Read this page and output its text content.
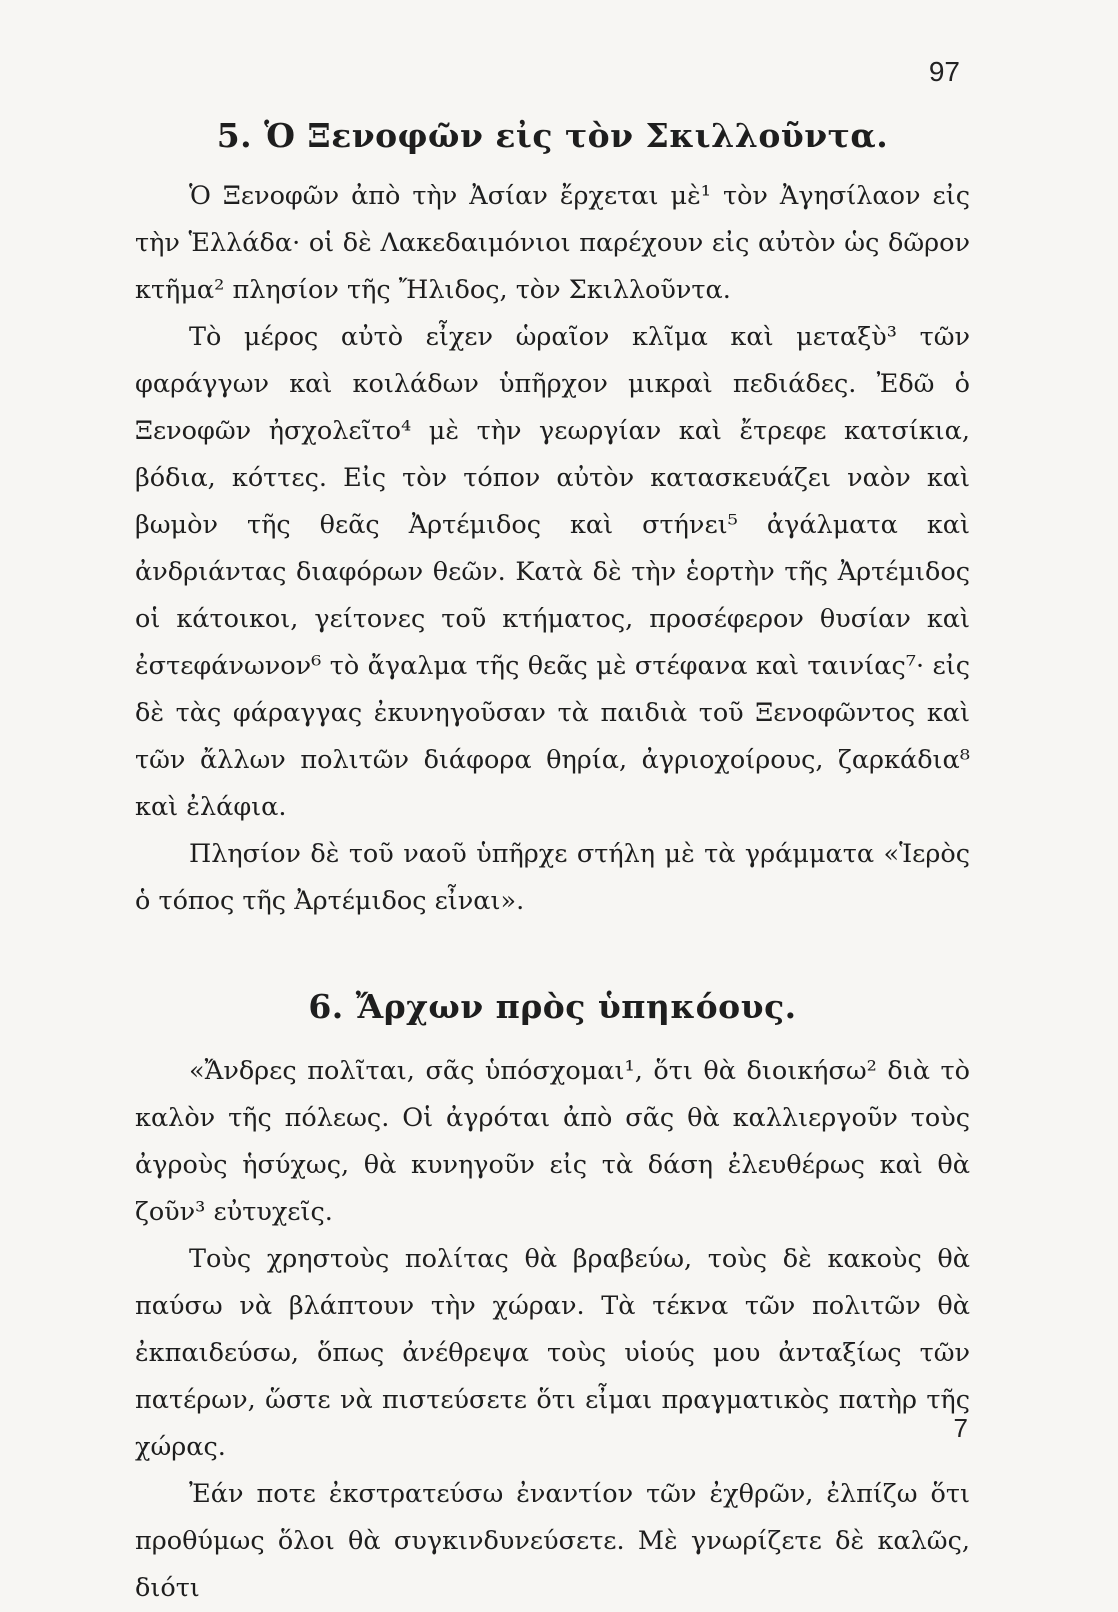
97
5. Ὁ Ξενοφῶν εἰς τὸν Σκιλλοῦντα.

Ὁ Ξενοφῶν ἀπὸ τὴν Ἀσίαν ἔρχεται μὲ¹ τὸν Ἀγησίλαον εἰς τὴν Ἑλλάδα· οἱ δὲ Λακεδαιμόνιοι παρέχουν εἰς αὐτὸν ὡς δῶρον κτῆμα² πλησίον τῆς Ἤλιδος, τὸν Σκιλλοῦντα.

Τὸ μέρος αὐτὸ εἶχεν ὡραῖον κλῖμα καὶ μεταξὺ³ τῶν φαράγγων καὶ κοιλάδων ὑπῆρχον μικραὶ πεδιάδες. Ἐδῶ ὁ Ξενοφῶν ἠσχολεῖτο⁴ μὲ τὴν γεωργίαν καὶ ἔτρεφε κατσίκια, βόδια, κόττες. Εἰς τὸν τόπον αὐτὸν κατασκευάζει ναὸν καὶ βωμὸν τῆς θεᾶς Ἀρτέμιδος καὶ στήνει⁵ ἀγάλματα καὶ ἀνδριάντας διαφόρων θεῶν. Κατὰ δὲ τὴν ἑορτὴν τῆς Ἀρτέμιδος οἱ κάτοικοι, γείτονες τοῦ κτήματος, προσέφερον θυσίαν καὶ ἐστεφάνωνον⁶ τὸ ἄγαλμα τῆς θεᾶς μὲ στέφανα καὶ ταινίας⁷· εἰς δὲ τὰς φάραγγας ἐκυνηγοῦσαν τὰ παιδιὰ τοῦ Ξενοφῶντος καὶ τῶν ἄλλων πολιτῶν διάφορα θηρία, ἀγριοχοίρους, ζαρκάδια⁸ καὶ ἐλάφια.

Πλησίον δὲ τοῦ ναοῦ ὑπῆρχε στήλη μὲ τὰ γράμματα «Ἱερὸς ὁ τόπος τῆς Ἀρτέμιδος εἶναι».

6. Ἄρχων πρὸς ὑπηκόους.

«Ἄνδρες πολῖται, σᾶς ὑπόσχομαι¹, ὅτι θὰ διοικήσω² διὰ τὸ καλὸν τῆς πόλεως. Οἱ ἀγρόται ἀπὸ σᾶς θὰ καλλιεργοῦν τοὺς ἀγροὺς ἡσύχως, θὰ κυνηγοῦν εἰς τὰ δάση ἐλευθέρως καὶ θὰ ζοῦν³ εὐτυχεῖς.

Τοὺς χρηστοὺς πολίτας θὰ βραβεύω, τοὺς δὲ κακοὺς θὰ παύσω νὰ βλάπτουν τὴν χώραν. Τὰ τέκνα τῶν πολιτῶν θὰ ἐκπαιδεύσω, ὅπως ἀνέθρεψα τοὺς υἱούς μου ἀνταξίως τῶν πατέρων, ὥστε νὰ πιστεύσετε ὅτι εἶμαι πραγματικὸς πατὴρ τῆς χώρας.

Ἐάν ποτε ἐκστρατεύσω ἐναντίον τῶν ἐχθρῶν, ἐλπίζω ὅτι προθύμως ὅλοι θὰ συγκινδυνεύσετε. Μὲ γνωρίζετε δὲ καλῶς, διότι

7
